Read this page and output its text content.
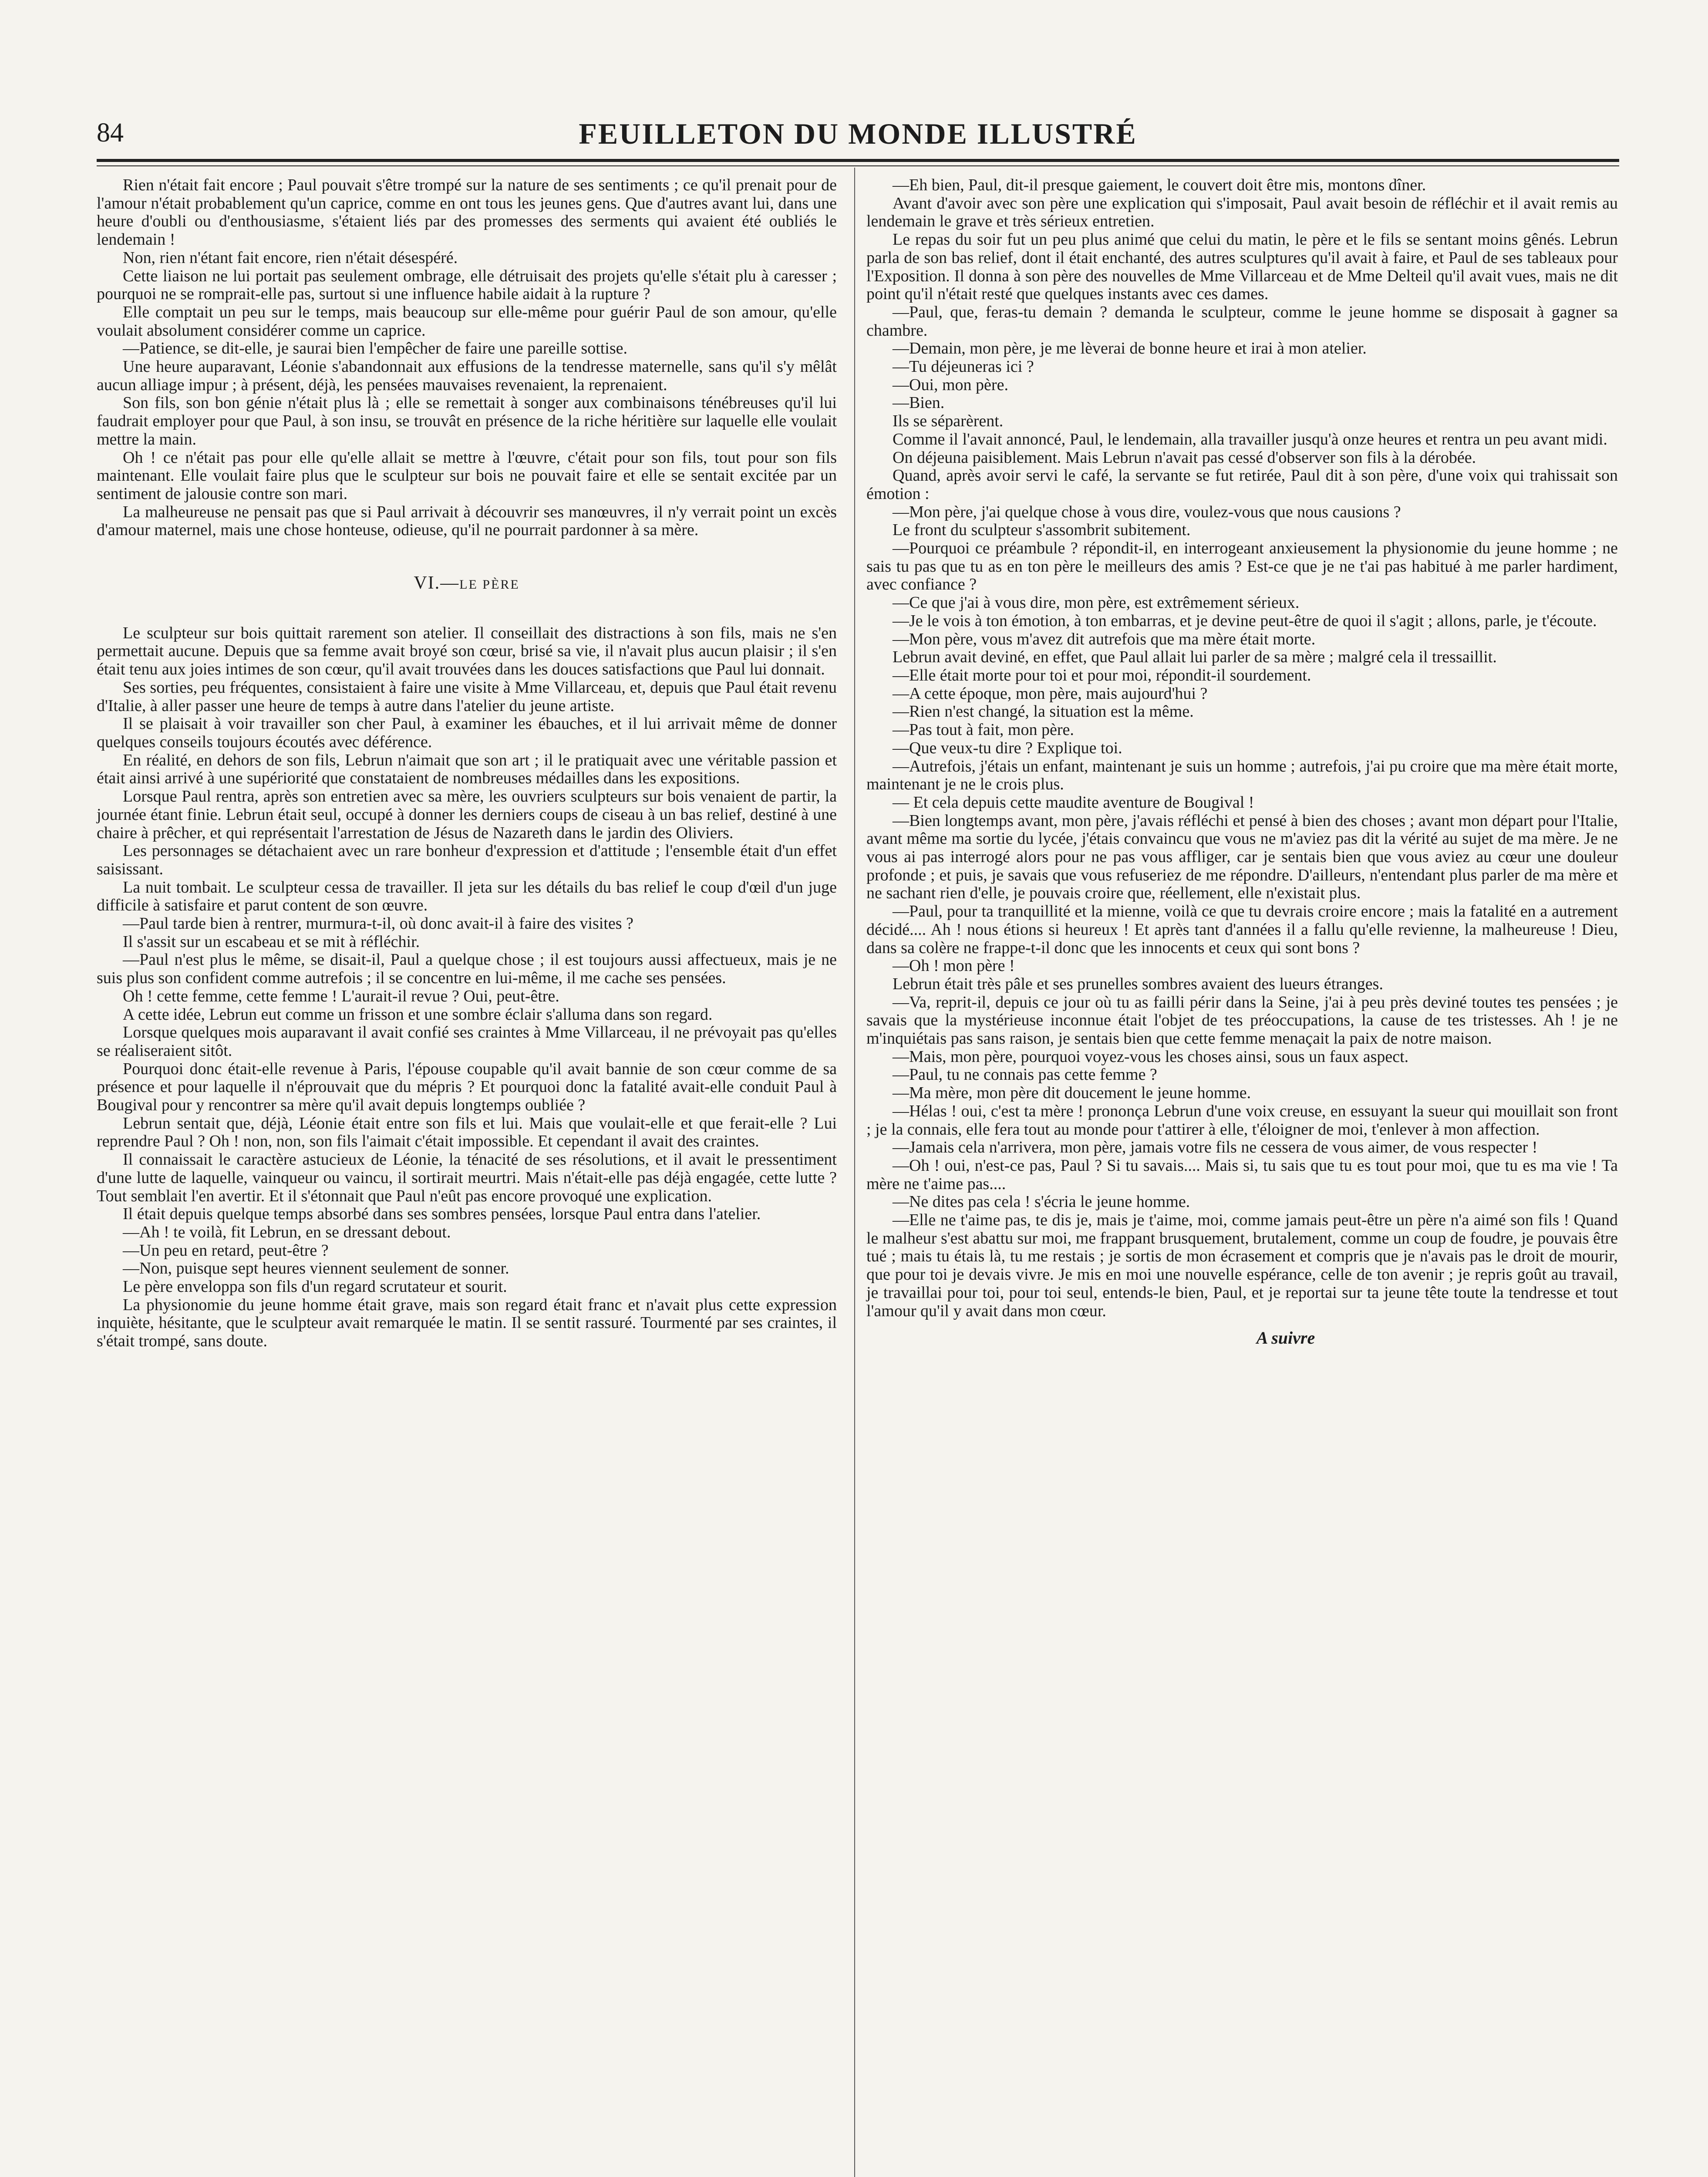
84	FEUILLETON DU MONDE ILLUSTRÉ

Rien n'était fait encore ; Paul pouvait s'être trompé sur la nature de ses sentiments ; ce qu'il prenait pour de l'amour n'était probablement qu'un caprice, comme en ont tous les jeunes gens. Que d'autres avant lui, dans une heure d'oubli ou d'enthousiasme, s'étaient liés par des promesses des serments qui avaient été oubliés le lendemain !

Non, rien n'étant fait encore, rien n'était désespéré.

Cette liaison ne lui portait pas seulement ombrage, elle détruisait des projets qu'elle s'était plu à caresser ; pourquoi ne se romprait-elle pas, surtout si une influence habile aidait à la rupture ?

Elle comptait un peu sur le temps, mais beaucoup sur elle-même pour guérir Paul de son amour, qu'elle voulait absolument considérer comme un caprice.

—Patience, se dit-elle, je saurai bien l'empêcher de faire une pareille sottise.

Une heure auparavant, Léonie s'abandonnait aux effusions de la tendresse maternelle, sans qu'il s'y mêlât aucun alliage impur ; à présent, déjà, les pensées mauvaises revenaient, la reprenaient.

Son fils, son bon génie n'était plus là ; elle se remettait à songer aux combinaisons ténébreuses qu'il lui faudrait employer pour que Paul, à son insu, se trouvât en présence de la riche héritière sur laquelle elle voulait mettre la main.

Oh ! ce n'était pas pour elle qu'elle allait se mettre à l'œuvre, c'était pour son fils, tout pour son fils maintenant. Elle voulait faire plus que le sculpteur sur bois ne pouvait faire et elle se sentait excitée par un sentiment de jalousie contre son mari.

La malheureuse ne pensait pas que si Paul arrivait à découvrir ses manœuvres, il n'y verrait point un excès d'amour maternel, mais une chose honteuse, odieuse, qu'il ne pourrait pardonner à sa mère.

VI.—LE PÈRE

Le sculpteur sur bois quittait rarement son atelier. Il conseillait des distractions à son fils, mais ne s'en permettait aucune. Depuis que sa femme avait broyé son cœur, brisé sa vie, il n'avait plus aucun plaisir ; il s'en était tenu aux joies intimes de son cœur, qu'il avait trouvées dans les douces satisfactions que Paul lui donnait.

Ses sorties, peu fréquentes, consistaient à faire une visite à Mme Villarceau, et, depuis que Paul était revenu d'Italie, à aller passer une heure de temps à autre dans l'atelier du jeune artiste.

Il se plaisait à voir travailler son cher Paul, à examiner les ébauches, et il lui arrivait même de donner quelques conseils toujours écoutés avec déférence.

En réalité, en dehors de son fils, Lebrun n'aimait que son art ; il le pratiquait avec une véritable passion et était ainsi arrivé à une supériorité que constataient de nombreuses médailles dans les expositions.

Lorsque Paul rentra, après son entretien avec sa mère, les ouvriers sculpteurs sur bois venaient de partir, la journée étant finie. Lebrun était seul, occupé à donner les derniers coups de ciseau à un bas relief, destiné à une chaire à prêcher, et qui représentait l'arrestation de Jésus de Nazareth dans le jardin des Oliviers.

Les personnages se détachaient avec un rare bonheur d'expression et d'attitude ; l'ensemble était d'un effet saisissant.

La nuit tombait. Le sculpteur cessa de travailler. Il jeta sur les détails du bas relief le coup d'œil d'un juge difficile à satisfaire et parut content de son œuvre.

—Paul tarde bien à rentrer, murmura-t-il, où donc avait-il à faire des visites ?

Il s'assit sur un escabeau et se mit à réfléchir.

—Paul n'est plus le même, se disait-il, Paul a quelque chose ; il est toujours aussi affectueux, mais je ne suis plus son confident comme autrefois ; il se concentre en lui-même, il me cache ses pensées.

Oh ! cette femme, cette femme ! L'aurait-il revue ? Oui, peut-être.

A cette idée, Lebrun eut comme un frisson et une sombre éclair s'alluma dans son regard.

Lorsque quelques mois auparavant il avait confié ses craintes à Mme Villarceau, il ne prévoyait pas qu'elles se réaliseraient sitôt.

Pourquoi donc était-elle revenue à Paris, l'épouse coupable qu'il avait bannie de son cœur comme de sa présence et pour laquelle il n'éprouvait que du mépris ? Et pourquoi donc la fatalité avait-elle conduit Paul à Bougival pour y rencontrer sa mère qu'il avait depuis longtemps oubliée ?

Lebrun sentait que, déjà, Léonie était entre son fils et lui. Mais que voulait-elle et que ferait-elle ? Lui reprendre Paul ? Oh ! non, non, son fils l'aimait c'était impossible. Et cependant il avait des craintes.

Il connaissait le caractère astucieux de Léonie, la ténacité de ses résolutions, et il avait le pressentiment d'une lutte de laquelle, vainqueur ou vaincu, il sortirait meurtri. Mais n'était-elle pas déjà engagée, cette lutte ? Tout semblait l'en avertir. Et il s'étonnait que Paul n'eût pas encore provoqué une explication.

Il était depuis quelque temps absorbé dans ses sombres pensées, lorsque Paul entra dans l'atelier.

—Ah ! te voilà, fit Lebrun, en se dressant debout.

—Un peu en retard, peut-être ?

—Non, puisque sept heures viennent seulement de sonner.

Le père enveloppa son fils d'un regard scrutateur et sourit.

La physionomie du jeune homme était grave, mais son regard était franc et n'avait plus cette expression inquiète, hésitante, que le sculpteur avait remarquée le matin. Il se sentit rassuré. Tourmenté par ses craintes, il s'était trompé, sans doute.

—Eh bien, Paul, dit-il presque gaiement, le couvert doit être mis, montons dîner.

Avant d'avoir avec son père une explication qui s'imposait, Paul avait besoin de réfléchir et il avait remis au lendemain le grave et très sérieux entretien.

Le repas du soir fut un peu plus animé que celui du matin, le père et le fils se sentant moins gênés. Lebrun parla de son bas relief, dont il était enchanté, des autres sculptures qu'il avait à faire, et Paul de ses tableaux pour l'Exposition. Il donna à son père des nouvelles de Mme Villarceau et de Mme Delteil qu'il avait vues, mais ne dit point qu'il n'était resté que quelques instants avec ces dames.

—Paul, que, feras-tu demain ? demanda le sculpteur, comme le jeune homme se disposait à gagner sa chambre.

—Demain, mon père, je me lèverai de bonne heure et irai à mon atelier.

—Tu déjeuneras ici ?

—Oui, mon père.

—Bien.

Ils se séparèrent.

Comme il l'avait annoncé, Paul, le lendemain, alla travailler jusqu'à onze heures et rentra un peu avant midi.

On déjeuna paisiblement. Mais Lebrun n'avait pas cessé d'observer son fils à la dérobée.

Quand, après avoir servi le café, la servante se fut retirée, Paul dit à son père, d'une voix qui trahissait son émotion :

—Mon père, j'ai quelque chose à vous dire, voulez-vous que nous causions ?

Le front du sculpteur s'assombrit subitement.

—Pourquoi ce préambule ? répondit-il, en interrogeant anxieusement la physionomie du jeune homme ; ne sais tu pas que tu as en ton père le meilleurs des amis ? Est-ce que je ne t'ai pas habitué à me parler hardiment, avec confiance ?

—Ce que j'ai à vous dire, mon père, est extrêmement sérieux.

—Je le vois à ton émotion, à ton embarras, et je devine peut-être de quoi il s'agit ; allons, parle, je t'écoute.

—Mon père, vous m'avez dit autrefois que ma mère était morte.

Lebrun avait deviné, en effet, que Paul allait lui parler de sa mère ; malgré cela il tressaillit.

—Elle était morte pour toi et pour moi, répondit-il sourdement.

—A cette époque, mon père, mais aujourd'hui ?

—Rien n'est changé, la situation est la même.

—Pas tout à fait, mon père.

—Que veux-tu dire ? Explique toi.

—Autrefois, j'étais un enfant, maintenant je suis un homme ; autrefois, j'ai pu croire que ma mère était morte, maintenant je ne le crois plus.

— Et cela depuis cette maudite aventure de Bougival !

—Bien longtemps avant, mon père, j'avais réfléchi et pensé à bien des choses ; avant mon départ pour l'Italie, avant même ma sortie du lycée, j'étais convaincu que vous ne m'aviez pas dit la vérité au sujet de ma mère. Je ne vous ai pas interrogé alors pour ne pas vous affliger, car je sentais bien que vous aviez au cœur une douleur profonde ; et puis, je savais que vous refuseriez de me répondre. D'ailleurs, n'entendant plus parler de ma mère et ne sachant rien d'elle, je pouvais croire que, réellement, elle n'existait plus.

—Paul, pour ta tranquillité et la mienne, voilà ce que tu devrais croire encore ; mais la fatalité en a autrement décidé.... Ah ! nous étions si heureux ! Et après tant d'années il a fallu qu'elle revienne, la malheureuse ! Dieu, dans sa colère ne frappe-t-il donc que les innocents et ceux qui sont bons ?

—Oh ! mon père !

Lebrun était très pâle et ses prunelles sombres avaient des lueurs étranges.

—Va, reprit-il, depuis ce jour où tu as failli périr dans la Seine, j'ai à peu près deviné toutes tes pensées ; je savais que la mystérieuse inconnue était l'objet de tes préoccupations, la cause de tes tristesses. Ah ! je ne m'inquiétais pas sans raison, je sentais bien que cette femme menaçait la paix de notre maison.

—Mais, mon père, pourquoi voyez-vous les choses ainsi, sous un faux aspect.

—Paul, tu ne connais pas cette femme ?

—Ma mère, mon père dit doucement le jeune homme.

—Hélas ! oui, c'est ta mère ! prononça Lebrun d'une voix creuse, en essuyant la sueur qui mouillait son front ; je la connais, elle fera tout au monde pour t'attirer à elle, t'éloigner de moi, t'enlever à mon affection.

—Jamais cela n'arrivera, mon père, jamais votre fils ne cessera de vous aimer, de vous respecter !

—Oh ! oui, n'est-ce pas, Paul ? Si tu savais.... Mais si, tu sais que tu es tout pour moi, que tu es ma vie ! Ta mère ne t'aime pas....

—Ne dites pas cela ! s'écria le jeune homme.

—Elle ne t'aime pas, te dis je, mais je t'aime, moi, comme jamais peut-être un père n'a aimé son fils ! Quand le malheur s'est abattu sur moi, me frappant brusquement, brutalement, comme un coup de foudre, je pouvais être tué ; mais tu étais là, tu me restais ; je sortis de mon écrasement et compris que je n'avais pas le droit de mourir, que pour toi je devais vivre. Je mis en moi une nouvelle espérance, celle de ton avenir ; je repris goût au travail, je travaillai pour toi, pour toi seul, entends-le bien, Paul, et je reportai sur ta jeune tête toute la tendresse et tout l'amour qu'il y avait dans mon cœur.

A suivre
